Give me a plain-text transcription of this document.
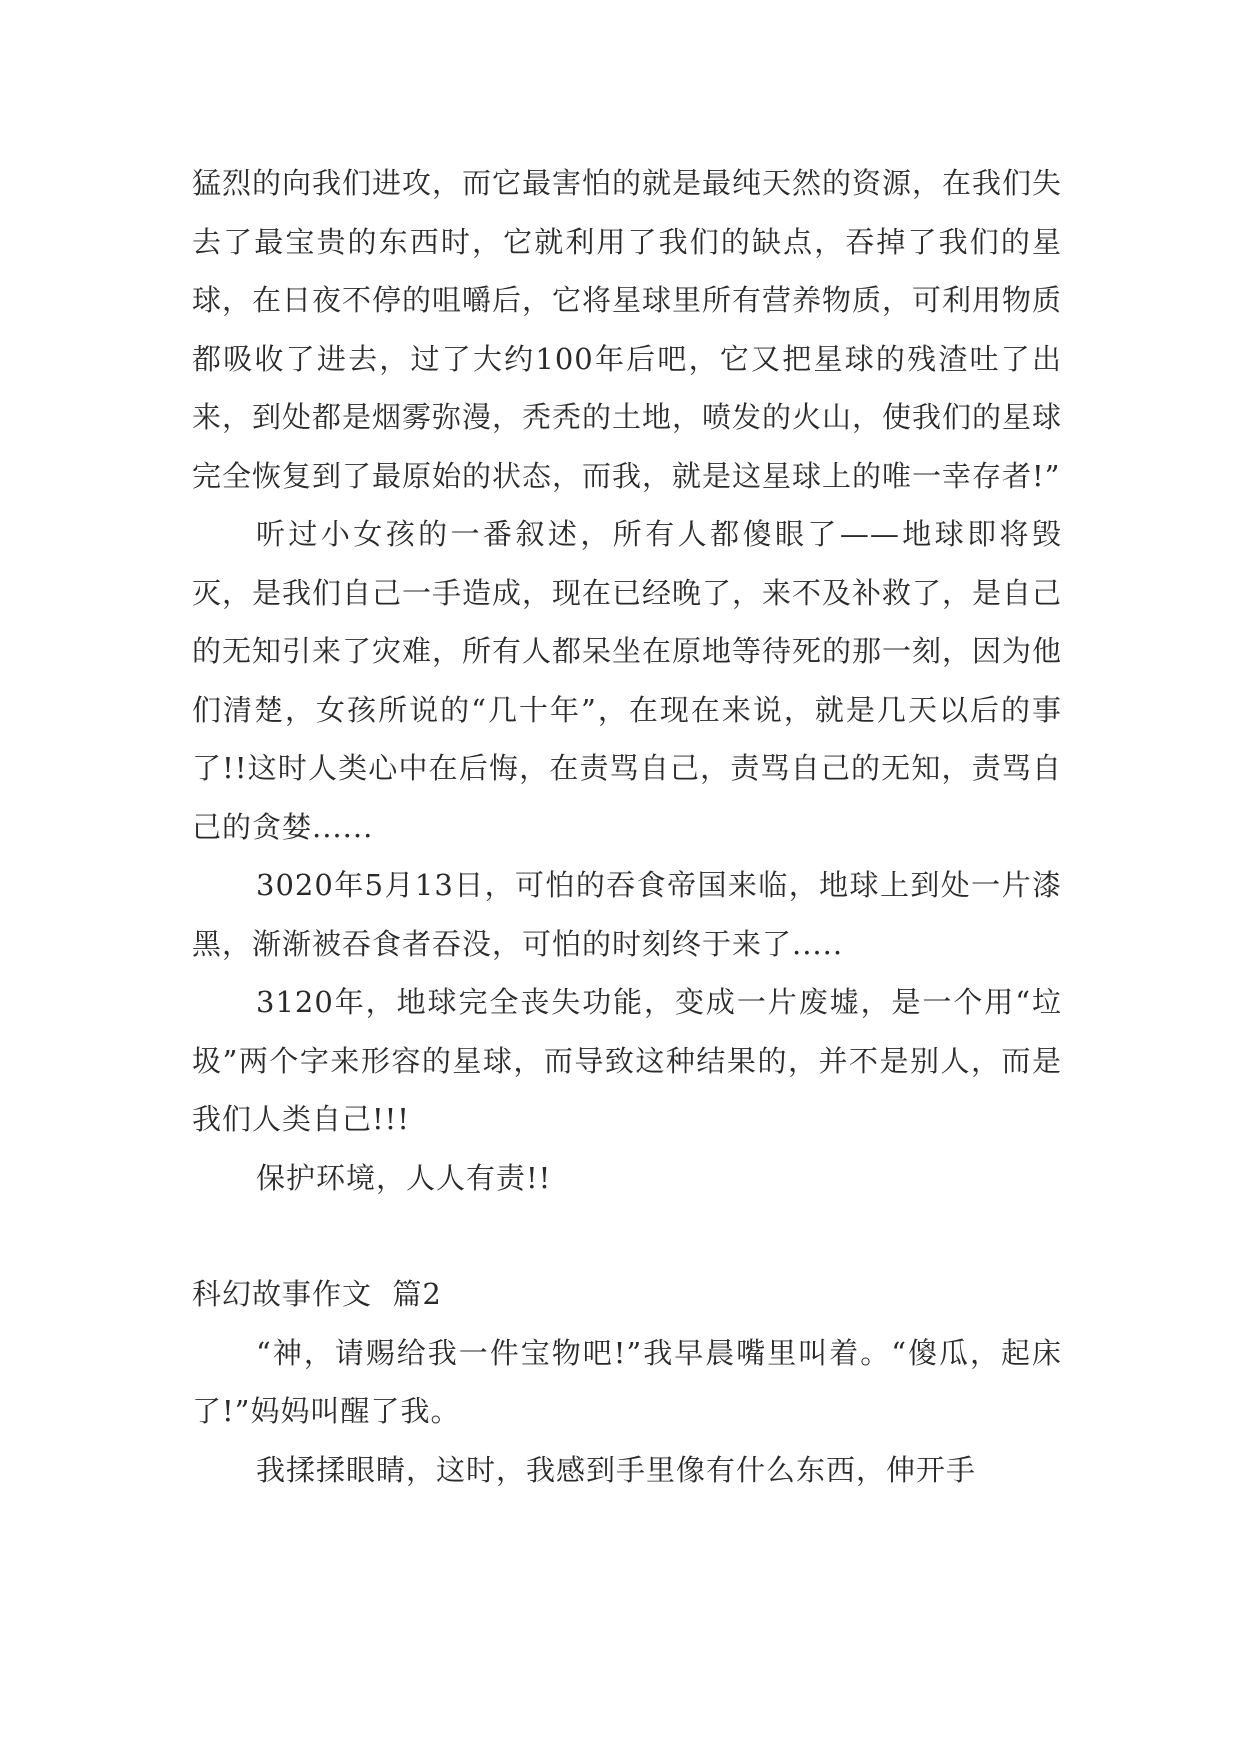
猛烈的向我们进攻，而它最害怕的就是最纯天然的资源，在我们失去了最宝贵的东西时，它就利用了我们的缺点，吞掉了我们的星球，在日夜不停的咀嚼后，它将星球里所有营养物质，可利用物质都吸收了进去，过了大约100年后吧，它又把星球的残渣吐了出来，到处都是烟雾弥漫，秃秃的土地，喷发的火山，使我们的星球完全恢复到了最原始的状态，而我，就是这星球上的唯一幸存者!”

听过小女孩的一番叙述，所有人都傻眼了——地球即将毁灭，是我们自己一手造成，现在已经晚了，来不及补救了，是自己的无知引来了灾难，所有人都呆坐在原地等待死的那一刻，因为他们清楚，女孩所说的“几十年”，在现在来说，就是几天以后的事了!!这时人类心中在后悔，在责骂自己，责骂自己的无知，责骂自己的贪婪......

3020年5月13日，可怕的吞食帝国来临，地球上到处一片漆黑，渐渐被吞食者吞没，可怕的时刻终于来了.....

3120年，地球完全丧失功能，变成一片废墟，是一个用“垃圾”两个字来形容的星球，而导致这种结果的，并不是别人，而是我们人类自己!!!

保护环境，人人有责!!

科幻故事作文  篇2

“神，请赐给我一件宝物吧!”我早晨嘴里叫着。“傻瓜，起床了!”妈妈叫醒了我。

我揉揉眼睛，这时，我感到手里像有什么东西，伸开手
